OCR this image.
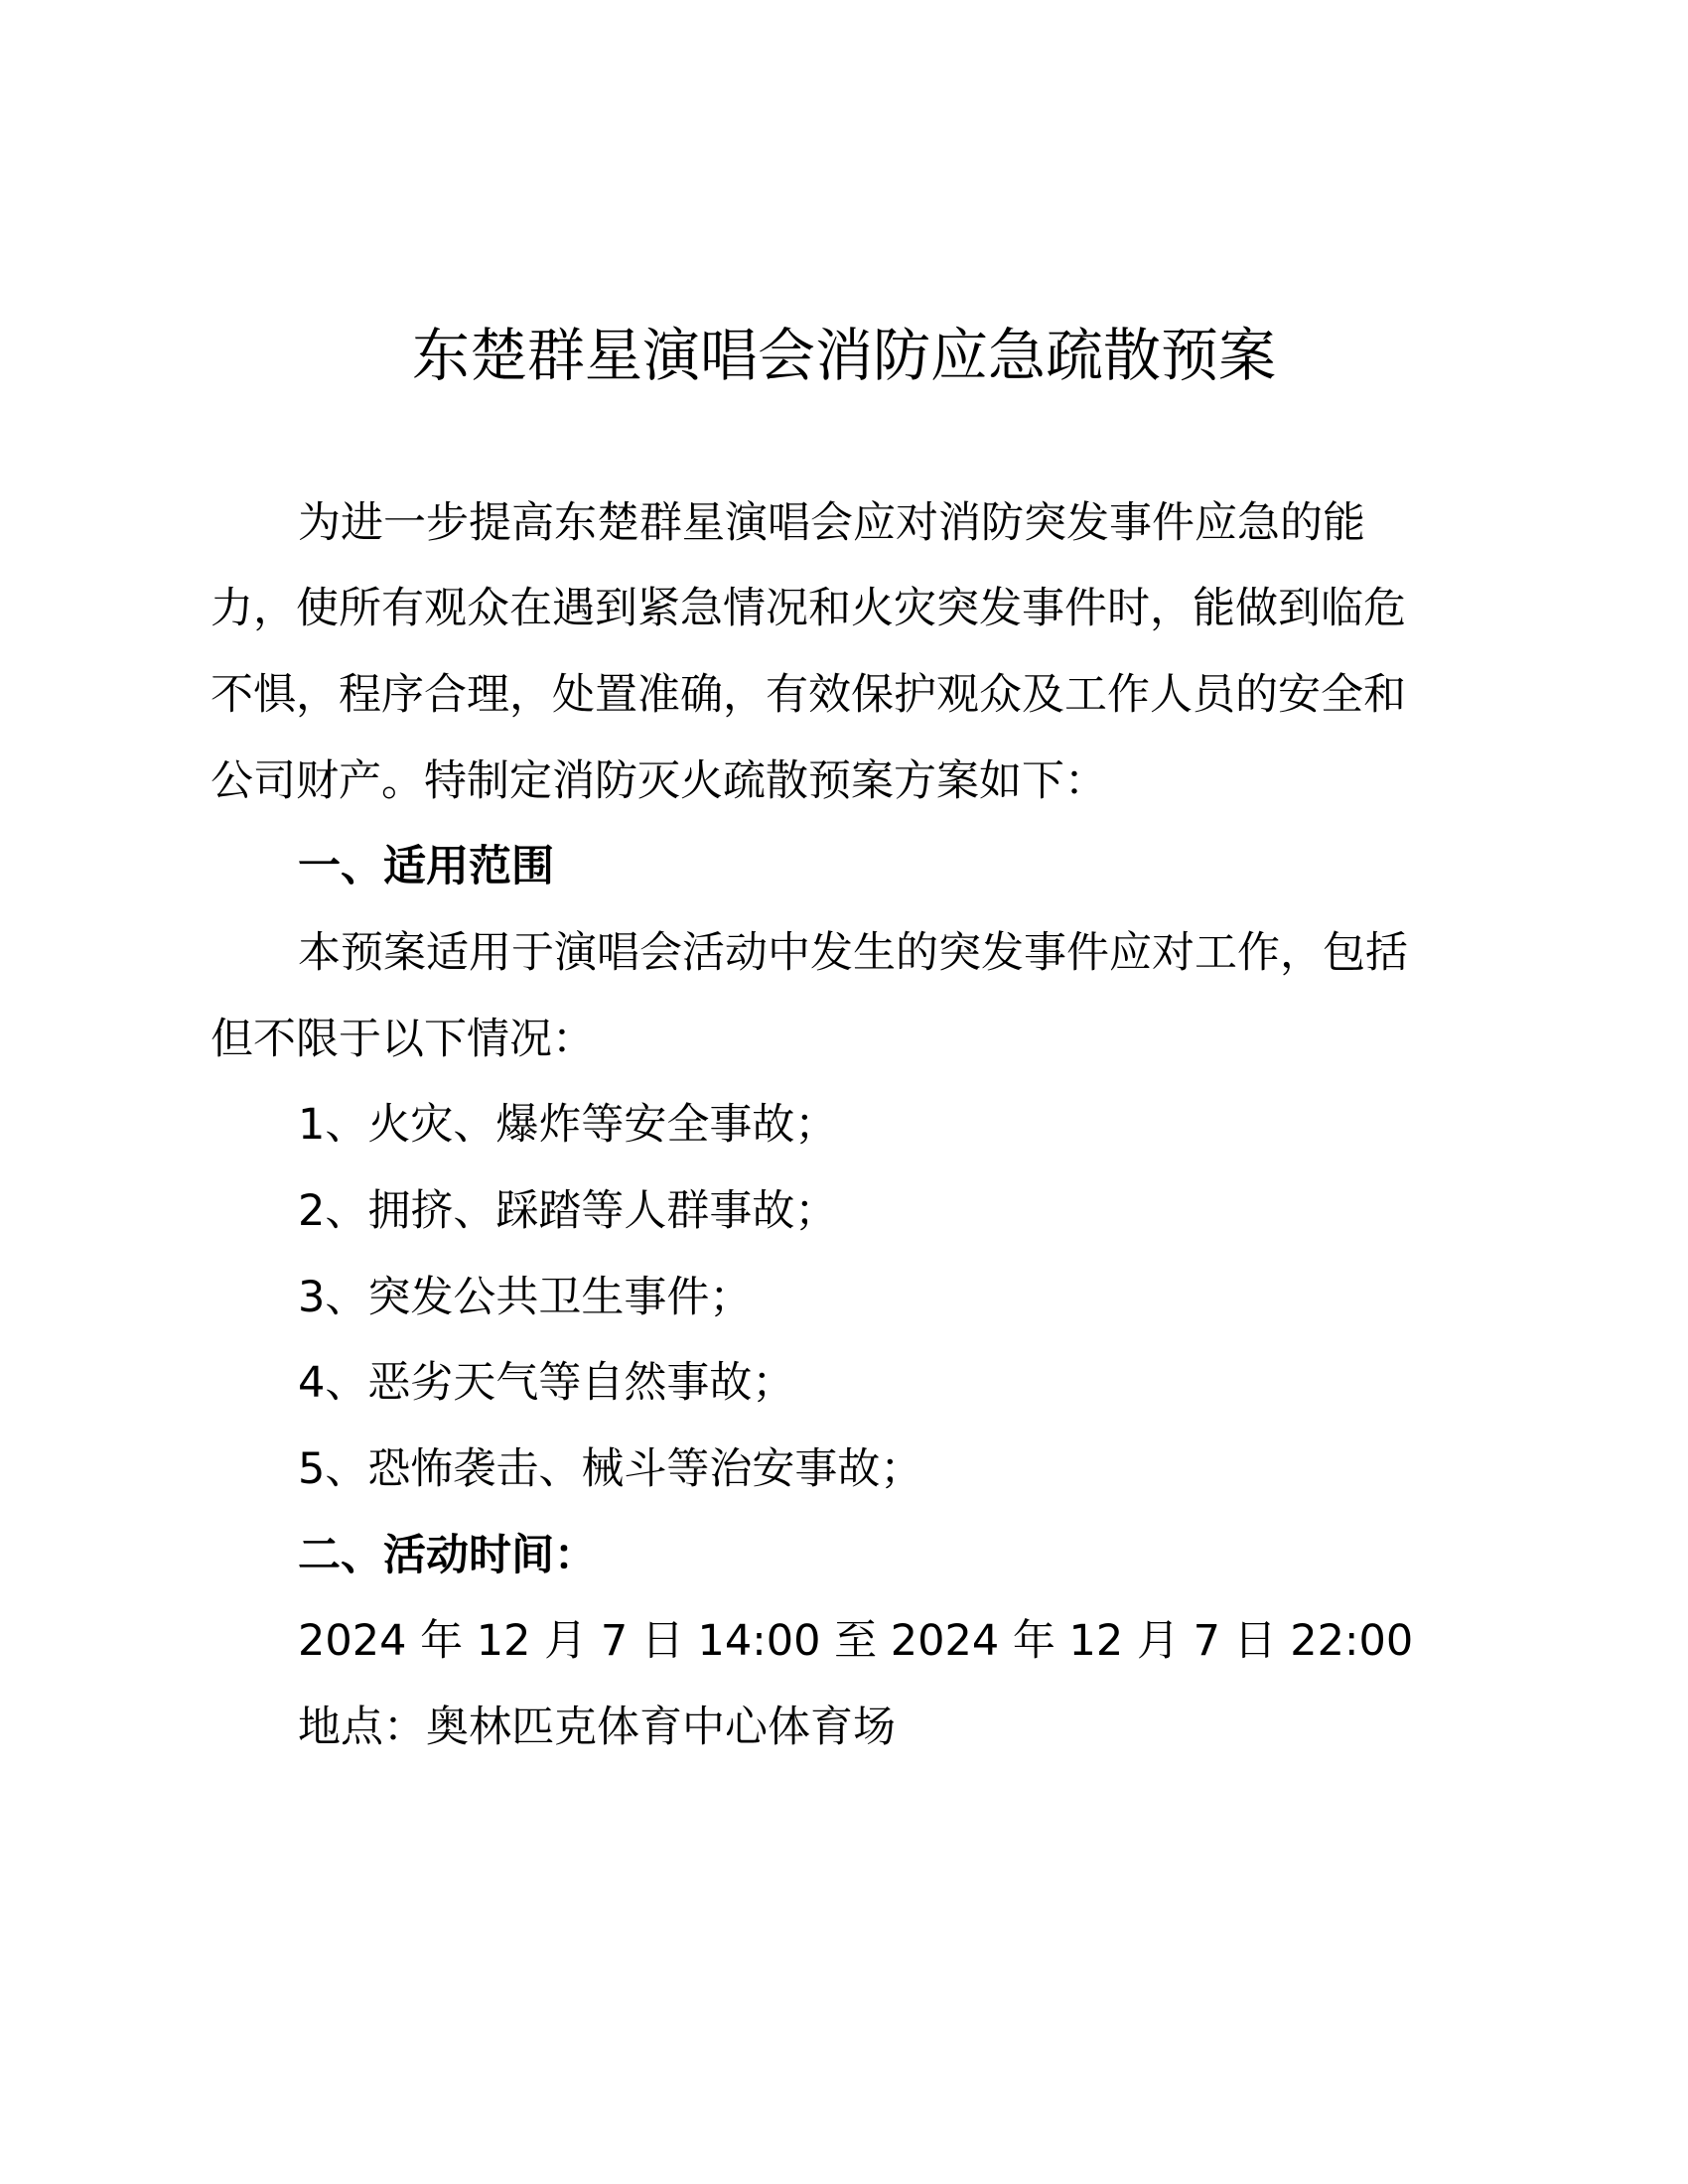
东楚群星演唱会消防应急疏散预案
为进一步提高东楚群星演唱会应对消防突发事件应急的能
力，使所有观众在遇到紧急情况和火灾突发事件时，能做到临危
不惧，程序合理，处置准确，有效保护观众及工作人员的安全和
公司财产。特制定消防灭火疏散预案方案如下：
一、适用范围
本预案适用于演唱会活动中发生的突发事件应对工作，包括
但不限于以下情况：
1、火灾、爆炸等安全事故；
2、拥挤、踩踏等人群事故；
3、突发公共卫生事件；
4、恶劣天气等自然事故；
5、恐怖袭击、械斗等治安事故；
二、活动时间：
2024 年 12 月 7 日 14:00 至 2024 年 12 月 7 日 22:00
地点：奥林匹克体育中心体育场
